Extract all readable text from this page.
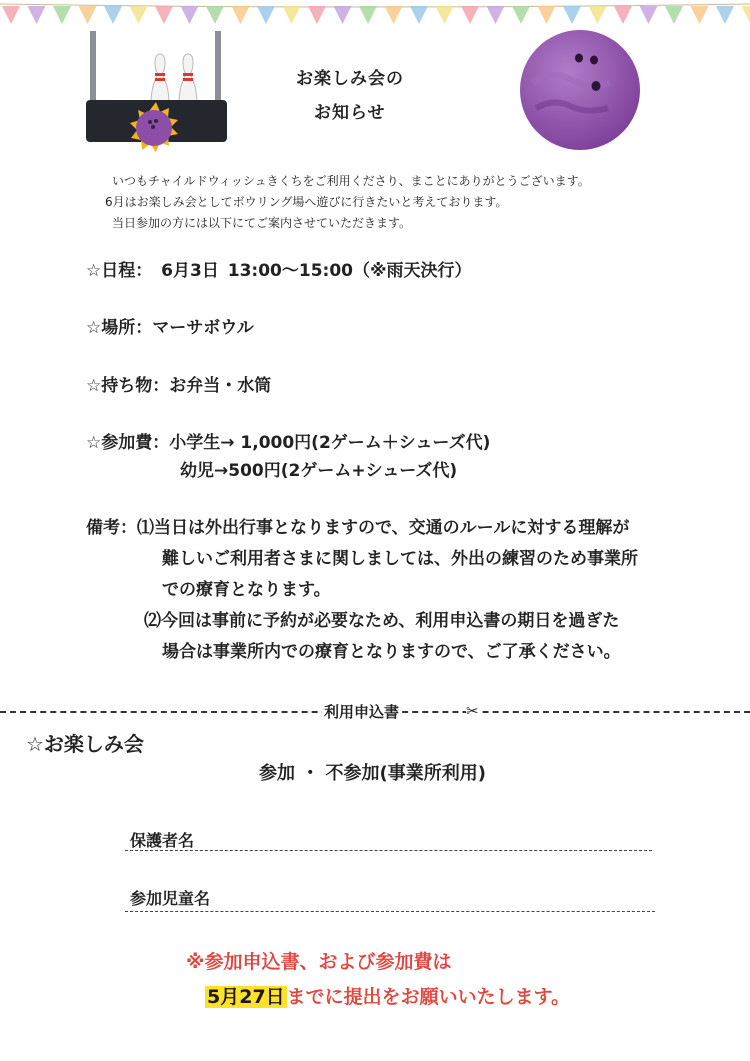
お楽しみ会の
お知らせ
いつもチャイルドウィッシュきくちをご利用くださり、まことにありがとうございます。
6月はお楽しみ会としてボウリング場へ遊びに行きたいと考えております。
当日参加の方には以下にてご案内させていただきます。
☆日程： 6月3日 13:00〜15:00（※雨天決行）
☆場所：マーサボウル
☆持ち物：お弁当・水筒
☆参加費：小学生→ 1,000円(2ゲーム＋シューズ代)
幼児→500円(2ゲーム+シューズ代)
備考：⑴当日は外出行事となりますので、交通のルールに対する理解が
難しいご利用者さまに関しましては、外出の練習のため事業所
での療育となります。
⑵今回は事前に予約が必要なため、利用申込書の期日を過ぎた
場合は事業所内での療育となりますので、ご了承ください。
利用申込書	✂
☆お楽しみ会
参加 ・ 不参加(事業所利用)
保護者名
参加児童名
※参加申込書、および参加費は
5月27日 までに提出をお願いいたします。
